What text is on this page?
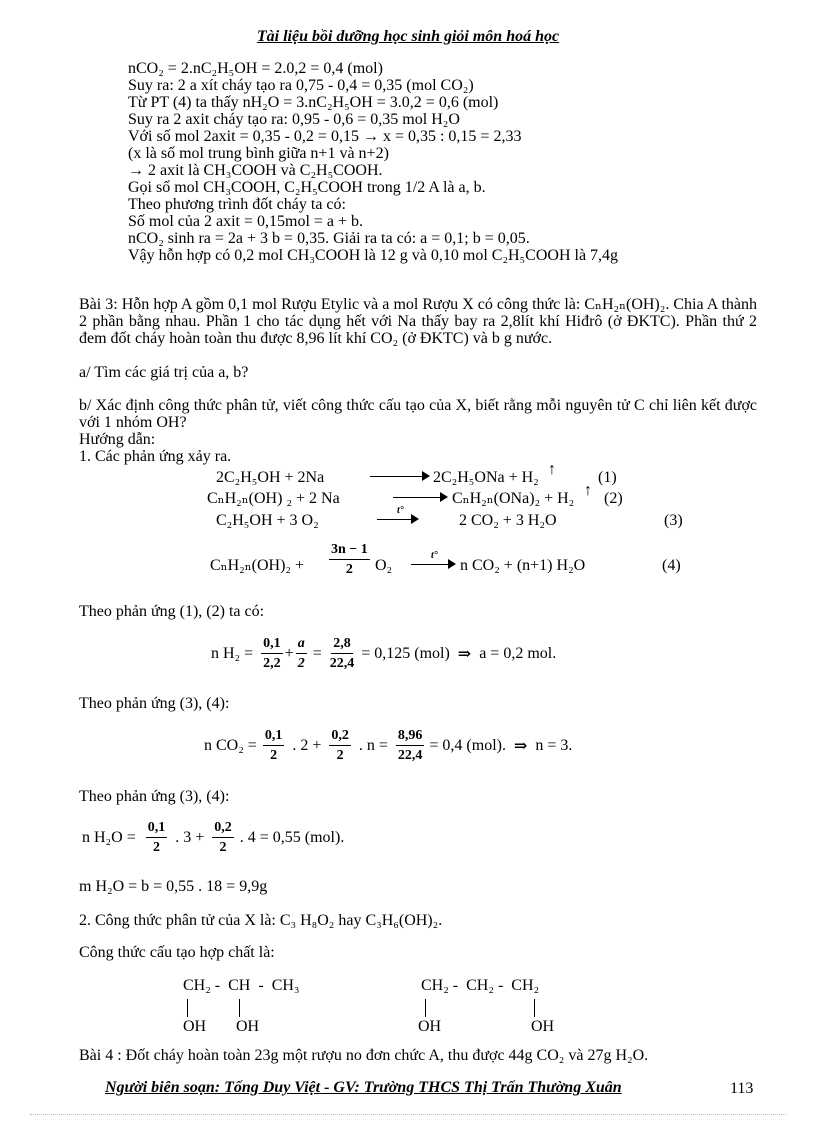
Tài liệu bồi dưỡng học sinh giỏi môn hoá học
nCO₂ = 2.nC₂H₅OH = 2.0,2 = 0,4 (mol)
Suy ra: 2 a xít cháy tạo ra 0,75 - 0,4 = 0,35 (mol CO₂)
Từ PT (4) ta thấy nH₂O = 3.nC₂H₅OH = 3.0,2 = 0,6 (mol)
Suy ra 2 axit cháy tạo ra: 0,95 - 0,6 = 0,35 mol H₂O
Với số mol 2axit = 0,35 - 0,2 = 0,15 → x = 0,35 : 0,15 = 2,33
(x là số mol trung bình giữa n+1 và n+2)
→ 2 axit là CH₃COOH và C₂H₅COOH.
Gọi số mol CH₃COOH, C₂H₅COOH trong 1/2 A là a, b.
Theo phương trình đốt cháy ta có:
Số mol của 2 axit = 0,15mol = a + b.
nCO₂ sinh ra = 2a + 3 b = 0,35. Giải ra ta có: a = 0,1; b = 0,05.
Vậy hỗn hợp có 0,2 mol CH₃COOH là 12 g và 0,10 mol C₂H₅COOH là 7,4g
Bài 3: Hỗn hợp A gồm 0,1 mol Rượu Etylic và a mol Rượu X có công thức là: CₙH₂ₙ(OH)₂. Chia A thành 2 phần bằng nhau. Phần 1 cho tác dụng hết với Na thấy bay ra 2,8lít khí Hiđrô (ở ĐKTC). Phần thứ 2 đem đốt cháy hoàn toàn thu được 8,96 lít khí CO₂ (ở ĐKTC) và b g nước.
a/ Tìm các giá trị của a, b?
b/ Xác định công thức phân tử, viết công thức cấu tạo của X, biết rằng mỗi nguyên tử C chỉ liên kết được với 1 nhóm OH?
Hướng dẫn:
1. Các phản ứng xảy ra.
2C₂H₅OH + 2Na	2C₂H₅ONa + H₂ ↑	(1)
CₙH₂ₙ(OH) ₂ + 2 Na	CₙH₂ₙ(ONa)₂ + H₂ ↑ (2)
C₂H₅OH + 3 O₂
t°
2 CO₂ + 3 H₂O	(3)
$C_nH_{2n}(OH)_2 + \frac{3n - 1}{2} O_2$
t°
n CO₂ + (n+1) H₂O	(4)
Theo phản ứng (1), (2) ta có:
n $H_2 = \frac{0,1}{2,2} + \frac{a}{2} = \frac{2,8}{22,4} = 0,125$ (mol) ⇒ a = 0,2 mol.
Theo phản ứng (3), (4):
n $CO_2 = \frac{0,1}{2}$ . $2 + \frac{0,2}{2}$ . $n = \frac{8,96}{22,4} = 0,4$ (mol). ⇒ n = 3.
Theo phản ứng (3), (4):
n $H_2O = \frac{0,1}{2}$ . $3 + \frac{0,2}{2}$ . 4 = 0,55 (mol).
m H₂O = b = 0,55 . 18 = 9,9g
2. Công thức phân tử của X là: C₃ H₈O₂ hay C₃H₆(OH)₂.
Công thức cấu tạo hợp chất là:
CH₂ -  CH  -  CH₃
OH OH
CH₂ -  CH₂ -  CH₂
OH	OH
Bài 4 : Đốt cháy hoàn toàn 23g một rượu no đơn chức A, thu được 44g CO₂ và 27g H₂O.
Người biên soạn: Tống Duy Việt - GV: Trường THCS Thị Trấn Thường Xuân	113
